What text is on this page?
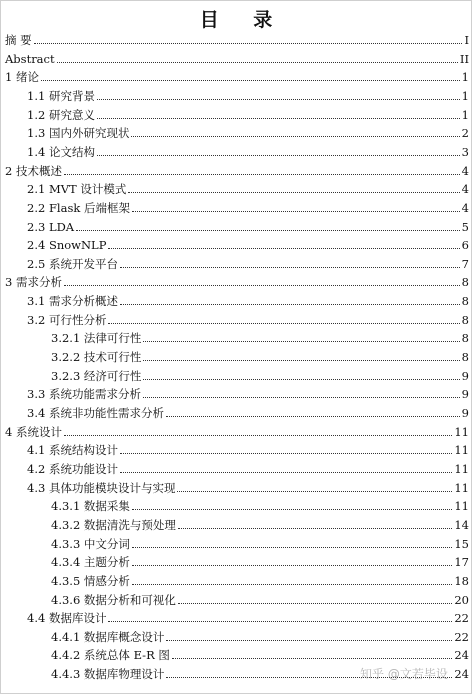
目 录
摘 要	I
Abstract	II
1 绪论	1
1.1 研究背景	1
1.2 研究意义	1
1.3 国内外研究现状	2
1.4 论文结构	3
2 技术概述	4
2.1 MVT 设计模式	4
2.2 Flask 后端框架	4
2.3 LDA	5
2.4 SnowNLP	6
2.5 系统开发平台	7
3 需求分析	8
3.1 需求分析概述	8
3.2 可行性分析	8
3.2.1 法律可行性	8
3.2.2 技术可行性	8
3.2.3 经济可行性	9
3.3 系统功能需求分析	9
3.4 系统非功能性需求分析	9
4 系统设计	11
4.1 系统结构设计	11
4.2 系统功能设计	11
4.3 具体功能模块设计与实现	11
4.3.1 数据采集	11
4.3.2 数据清洗与预处理	14
4.3.3 中文分词	15
4.3.4 主题分析	17
4.3.5 情感分析	18
4.3.6 数据分析和可视化	20
4.4 数据库设计	22
4.4.1 数据库概念设计	22
4.4.2 系统总体 E-R 图	24
4.4.3 数据库物理设计	24
知乎 @文若毕设
